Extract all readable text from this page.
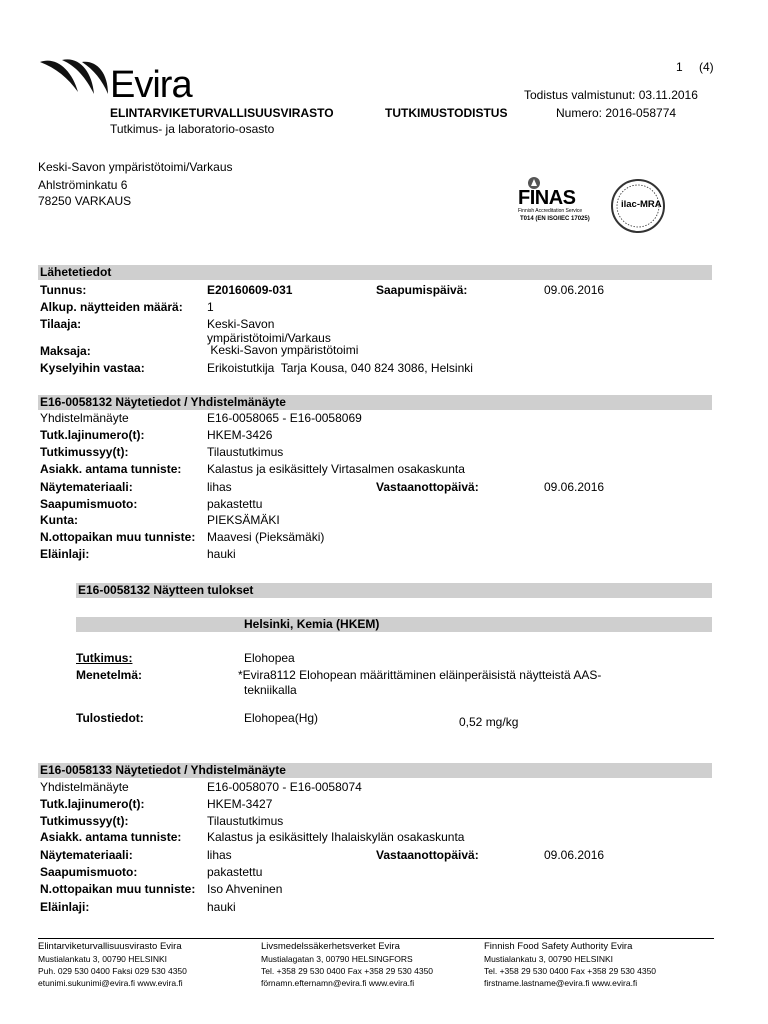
Evira	1 (4)
Todistus valmistunut: 03.11.2016
ELINTARVIKETURVALLISUUSVIRASTO	TUTKIMUSTODISTUS	Numero: 2016-058774
Tutkimus- ja laboratorio-osasto
Keski-Savon ympäristötoimi/Varkaus
Ahlströminkatu 6
78250 VARKAUS	FINAS
Finnish Accreditation Service
T014 (EN ISO/IEC 17025)
ilac-MRA
Lähetetiedot
Tunnus:	E20160609-031	Saapumispäivä:	09.06.2016
Alkup. näytteiden määrä: 1
Tilaaja:	Keski-Savon
ympäristötoimi/Varkaus
Maksaja:	Keski-Savon ympäristötoimi
Kyselyihin vastaa:	Erikoistutkija  Tarja Kousa, 040 824 3086, Helsinki
E16-0058132 Näytetiedot / Yhdistelmänäyte
Yhdistelmänäyte	E16-0058065 - E16-0058069
Tutk.lajinumero(t):	HKEM-3426
Tutkimussyy(t):	Tilaustutkimus
Asiakk. antama tunniste: Kalastus ja esikäsittely Virtasalmen osakaskunta
Näytemateriaali:	lihas	Vastaanottopäivä:	09.06.2016
Saapumismuoto:	pakastettu
Kunta:	PIEKSÄMÄKI
N.ottopaikan muu tunniste: Maavesi (Pieksämäki)
Eläinlaji:	hauki
E16-0058132 Näytteen tulokset
Helsinki, Kemia (HKEM)
Tutkimus:	Elohopea
Menetelmä:	*Evira8112 Elohopean määrittäminen eläinperäisistä näytteistä AAS-
tekniikalla
Tulostiedot:	Elohopea(Hg)	0,52 mg/kg
E16-0058133 Näytetiedot / Yhdistelmänäyte
Yhdistelmänäyte	E16-0058070 - E16-0058074
Tutk.lajinumero(t):	HKEM-3427
Tutkimussyy(t):	Tilaustutkimus
Asiakk. antama tunniste: Kalastus ja esikäsittely Ihalaiskylän osakaskunta
Näytemateriaali:	lihas	Vastaanottopäivä:	09.06.2016
Saapumismuoto:	pakastettu
N.ottopaikan muu tunniste: Iso Ahveninen
Eläinlaji:	hauki
Elintarviketurvallisuusvirasto Evira
Mustialankatu 3, 00790 HELSINKI
Puh. 029 530 0400 Faksi 029 530 4350
etunimi.sukunimi@evira.fi www.evira.fi
Livsmedelssäkerhetsverket Evira
Mustialagatan 3, 00790 HELSINGFORS
Tel. +358 29 530 0400 Fax +358 29 530 4350
förnamn.efternamn@evira.fi www.evira.fi
Finnish Food Safety Authority Evira
Mustialankatu 3, 00790 HELSINKI
Tel. +358 29 530 0400 Fax +358 29 530 4350
firstname.lastname@evira.fi www.evira.fi
